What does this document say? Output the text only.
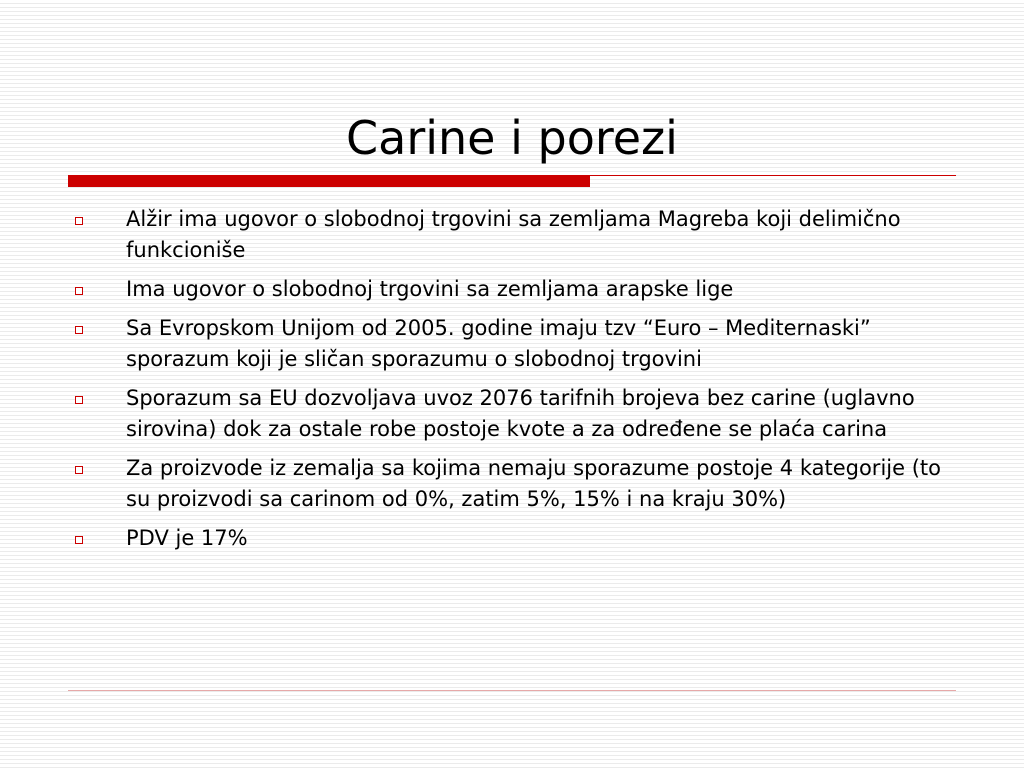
Carine i porezi
Alžir ima ugovor o slobodnoj trgovini sa zemljama Magreba koji delimično funkcioniše
Ima ugovor o slobodnoj trgovini sa zemljama arapske lige
Sa Evropskom Unijom od 2005. godine imaju tzv “Euro – Mediternaski” sporazum koji je sličan sporazumu o slobodnoj trgovini
Sporazum sa EU dozvoljava uvoz 2076 tarifnih brojeva bez carine (uglavno sirovina) dok za ostale robe postoje kvote a za određene se plaća carina
Za proizvode iz zemalja sa kojima nemaju sporazume postoje 4 kategorije (to su proizvodi sa carinom od 0%, zatim 5%, 15% i na kraju 30%)
PDV je 17%
